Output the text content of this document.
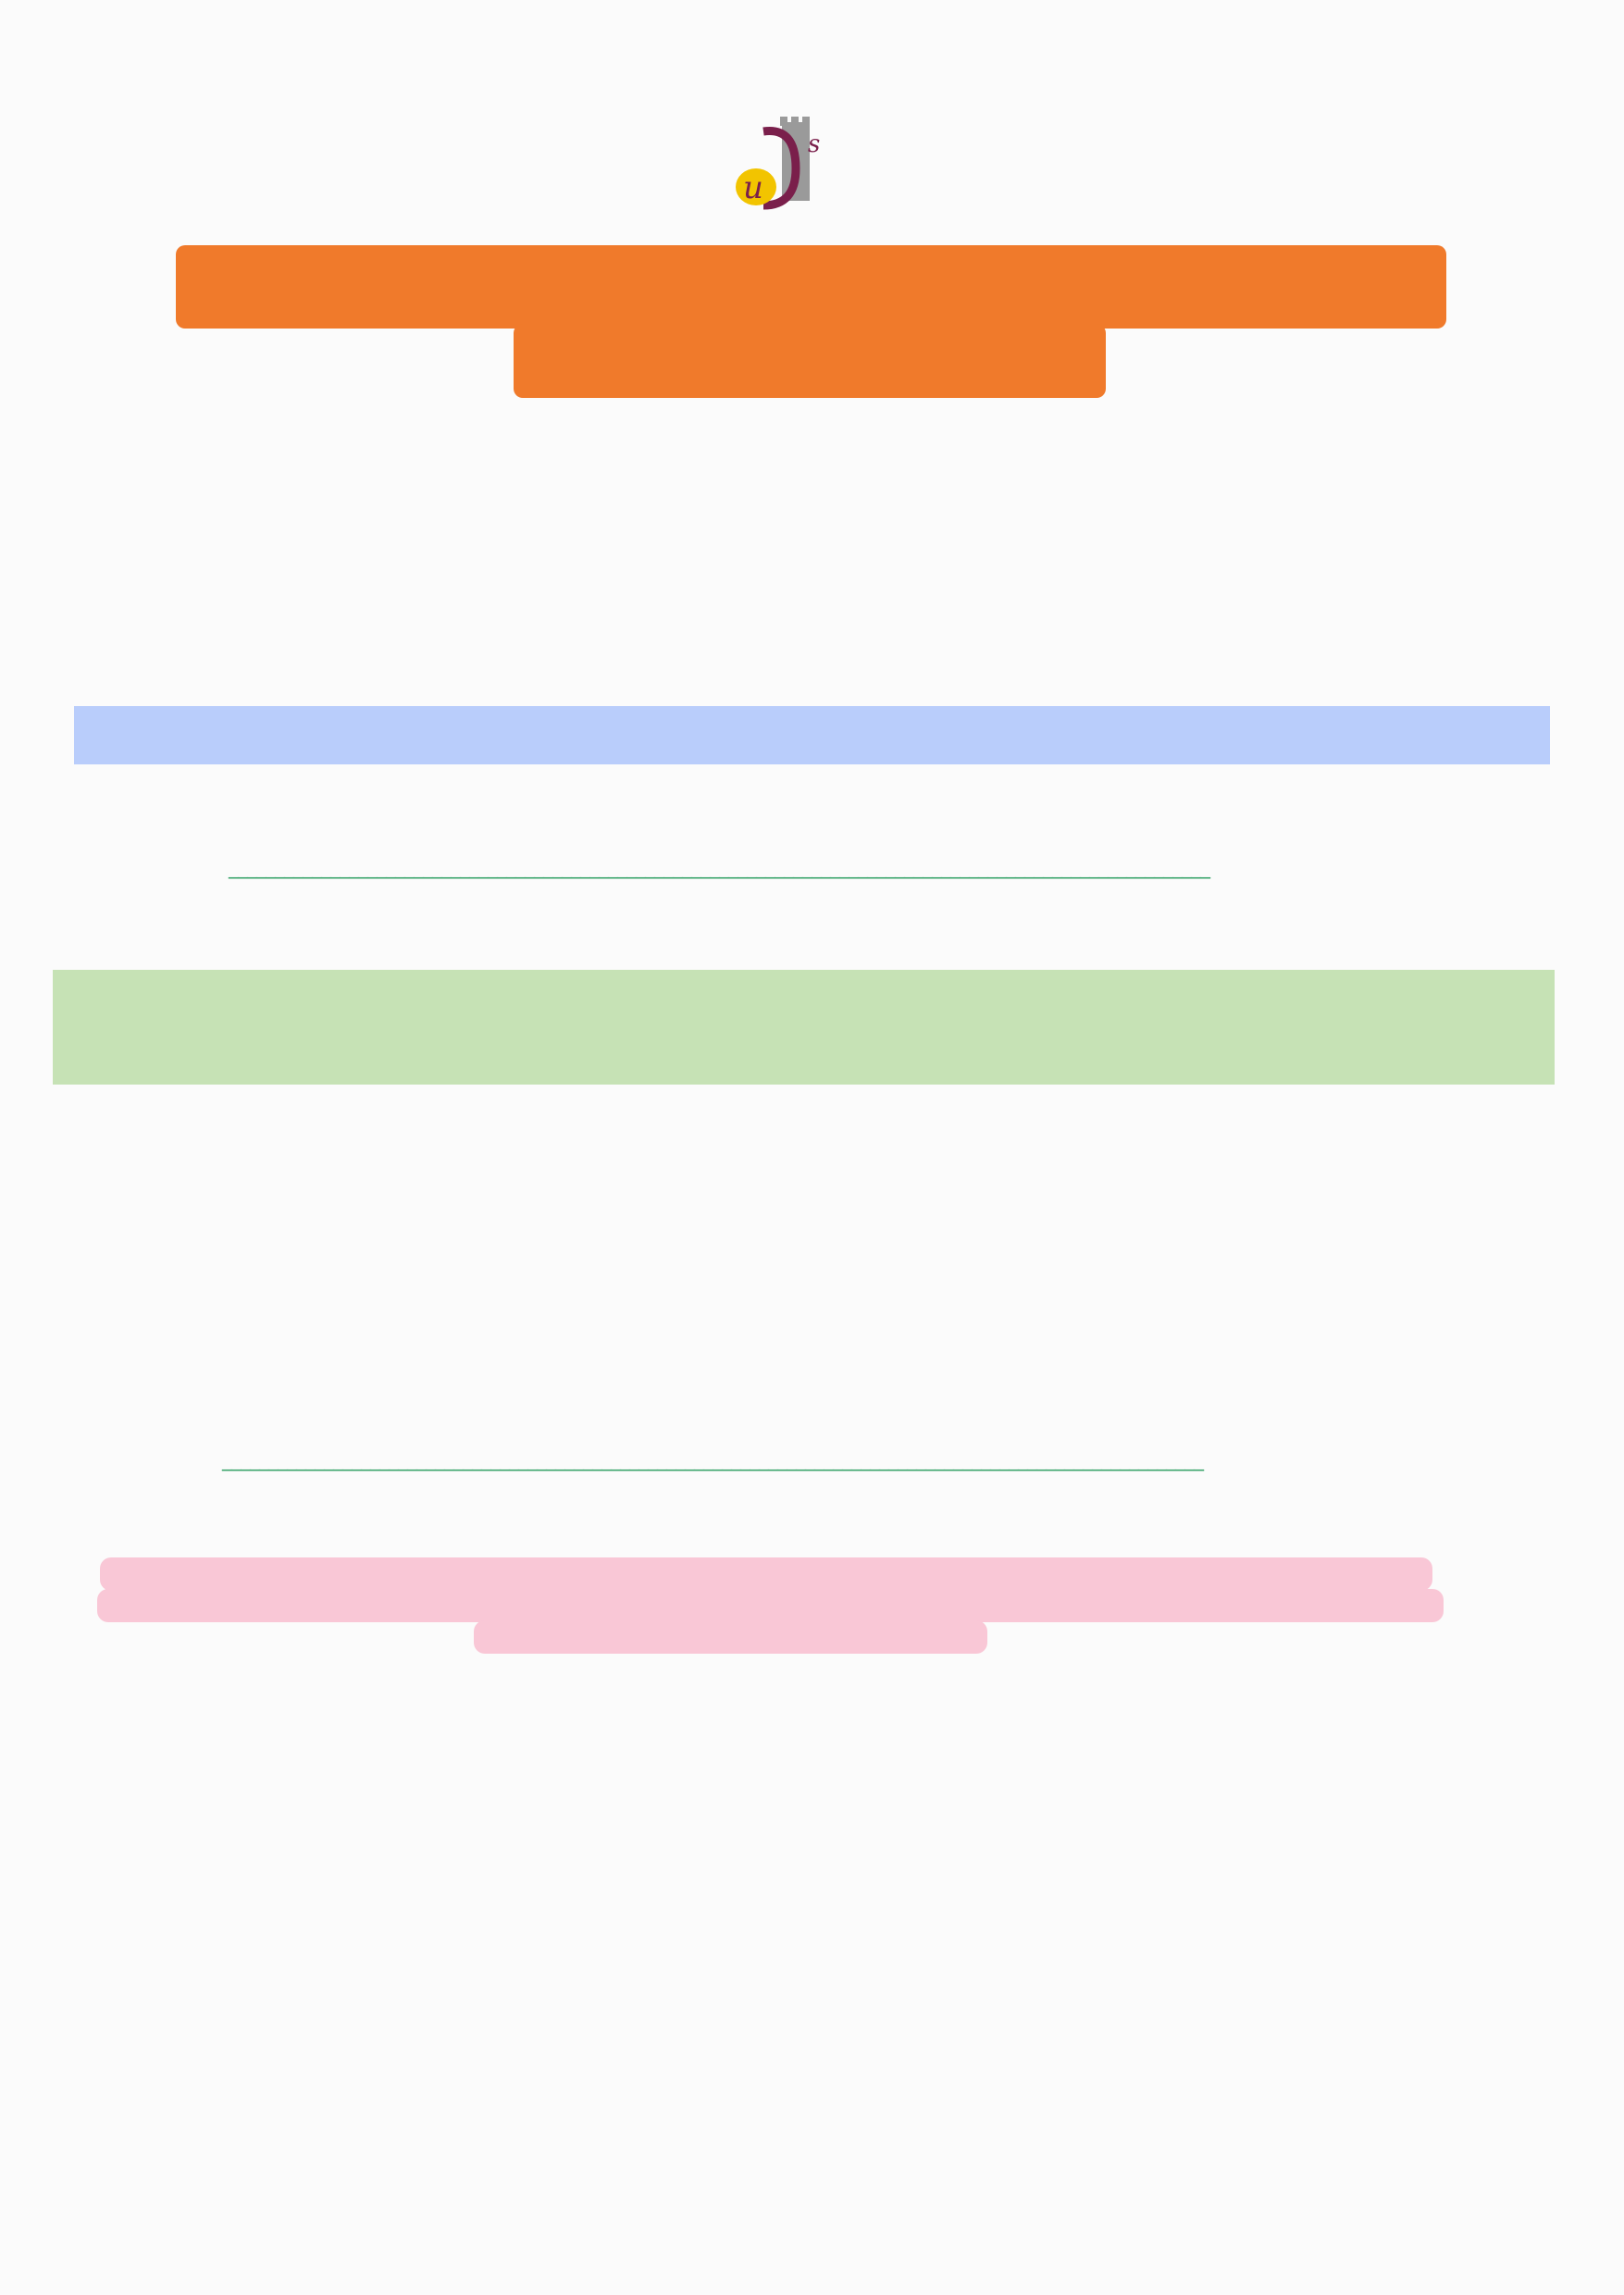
u
s

__________________________________________________________________________________________________________

__________________________________________________________________________________________________________
